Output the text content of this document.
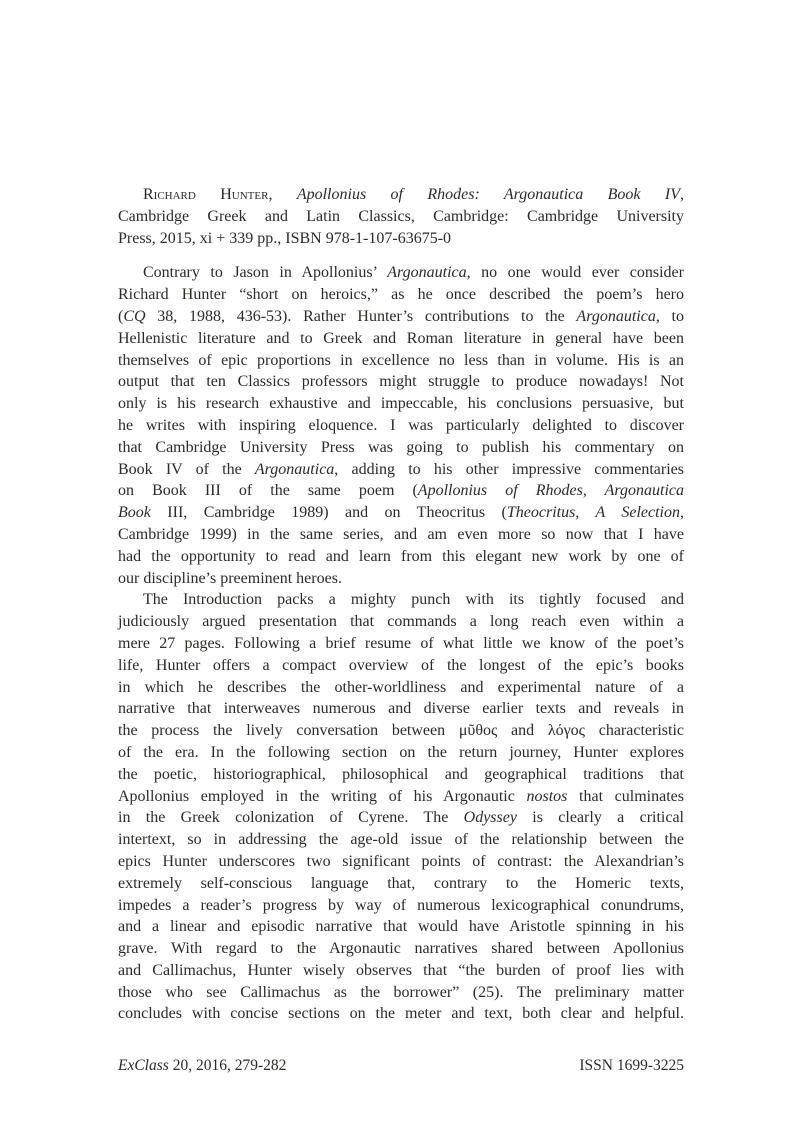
Richard Hunter, Apollonius of Rhodes: Argonautica Book IV,
Cambridge Greek and Latin Classics, Cambridge: Cambridge University
Press, 2015, xi + 339 pp., ISBN 978-1-107-63675-0
Contrary to Jason in Apollonius’ Argonautica, no one would ever consider
Richard Hunter “short on heroics,” as he once described the poem’s hero
(CQ 38, 1988, 436-53). Rather Hunter’s contributions to the Argonautica, to
Hellenistic literature and to Greek and Roman literature in general have been
themselves of epic proportions in excellence no less than in volume. His is an
output that ten Classics professors might struggle to produce nowadays! Not
only is his research exhaustive and impeccable, his conclusions persuasive, but
he writes with inspiring eloquence. I was particularly delighted to discover
that Cambridge University Press was going to publish his commentary on
Book IV of the Argonautica, adding to his other impressive commentaries
on Book III of the same poem (Apollonius of Rhodes, Argonautica
Book III, Cambridge 1989) and on Theocritus (Theocritus, A Selection,
Cambridge 1999) in the same series, and am even more so now that I have
had the opportunity to read and learn from this elegant new work by one of
our discipline’s preeminent heroes.
The Introduction packs a mighty punch with its tightly focused and
judiciously argued presentation that commands a long reach even within a
mere 27 pages. Following a brief resume of what little we know of the poet’s
life, Hunter offers a compact overview of the longest of the epic’s books
in which he describes the other-worldliness and experimental nature of a
narrative that interweaves numerous and diverse earlier texts and reveals in
the process the lively conversation between μῦθος and λόγος characteristic
of the era. In the following section on the return journey, Hunter explores
the poetic, historiographical, philosophical and geographical traditions that
Apollonius employed in the writing of his Argonautic nostos that culminates
in the Greek colonization of Cyrene. The Odyssey is clearly a critical
intertext, so in addressing the age-old issue of the relationship between the
epics Hunter underscores two significant points of contrast: the Alexandrian’s
extremely self-conscious language that, contrary to the Homeric texts,
impedes a reader’s progress by way of numerous lexicographical conundrums,
and a linear and episodic narrative that would have Aristotle spinning in his
grave. With regard to the Argonautic narratives shared between Apollonius
and Callimachus, Hunter wisely observes that “the burden of proof lies with
those who see Callimachus as the borrower” (25). The preliminary matter
concludes with concise sections on the meter and text, both clear and helpful.
ExClass 20, 2016, 279-282	ISSN 1699-3225
